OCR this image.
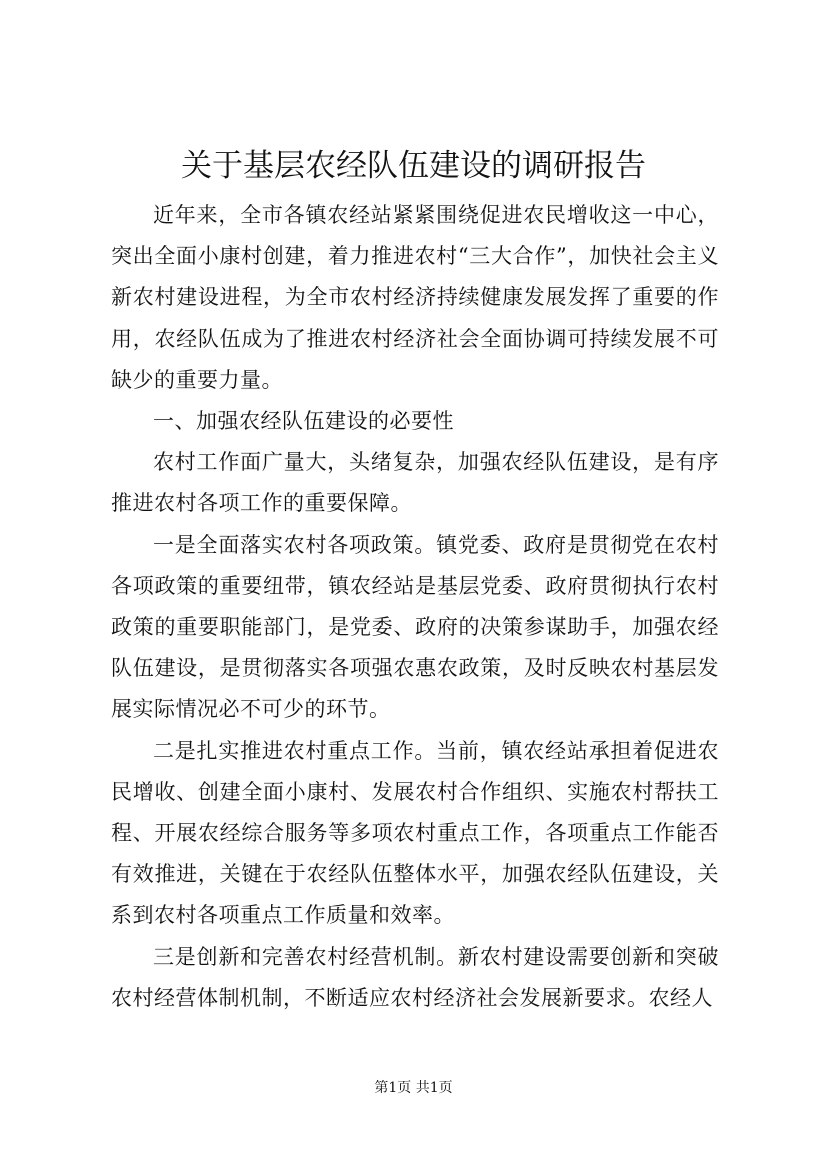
关于基层农经队伍建设的调研报告

近年来，全市各镇农经站紧紧围绕促进农民增收这一中心，突出全面小康村创建，着力推进农村“三大合作”，加快社会主义新农村建设进程，为全市农村经济持续健康发展发挥了重要的作用，农经队伍成为了推进农村经济社会全面协调可持续发展不可缺少的重要力量。

一、加强农经队伍建设的必要性

农村工作面广量大，头绪复杂，加强农经队伍建设，是有序推进农村各项工作的重要保障。

一是全面落实农村各项政策。镇党委、政府是贯彻党在农村各项政策的重要纽带，镇农经站是基层党委、政府贯彻执行农村政策的重要职能部门，是党委、政府的决策参谋助手，加强农经队伍建设，是贯彻落实各项强农惠农政策，及时反映农村基层发展实际情况必不可少的环节。

二是扎实推进农村重点工作。当前，镇农经站承担着促进农民增收、创建全面小康村、发展农村合作组织、实施农村帮扶工程、开展农经综合服务等多项农村重点工作，各项重点工作能否有效推进，关键在于农经队伍整体水平，加强农经队伍建设，关系到农村各项重点工作质量和效率。

三是创新和完善农村经营机制。新农村建设需要创新和突破农村经营体制机制，不断适应农村经济社会发展新要求。农经人

第1页 共1页
